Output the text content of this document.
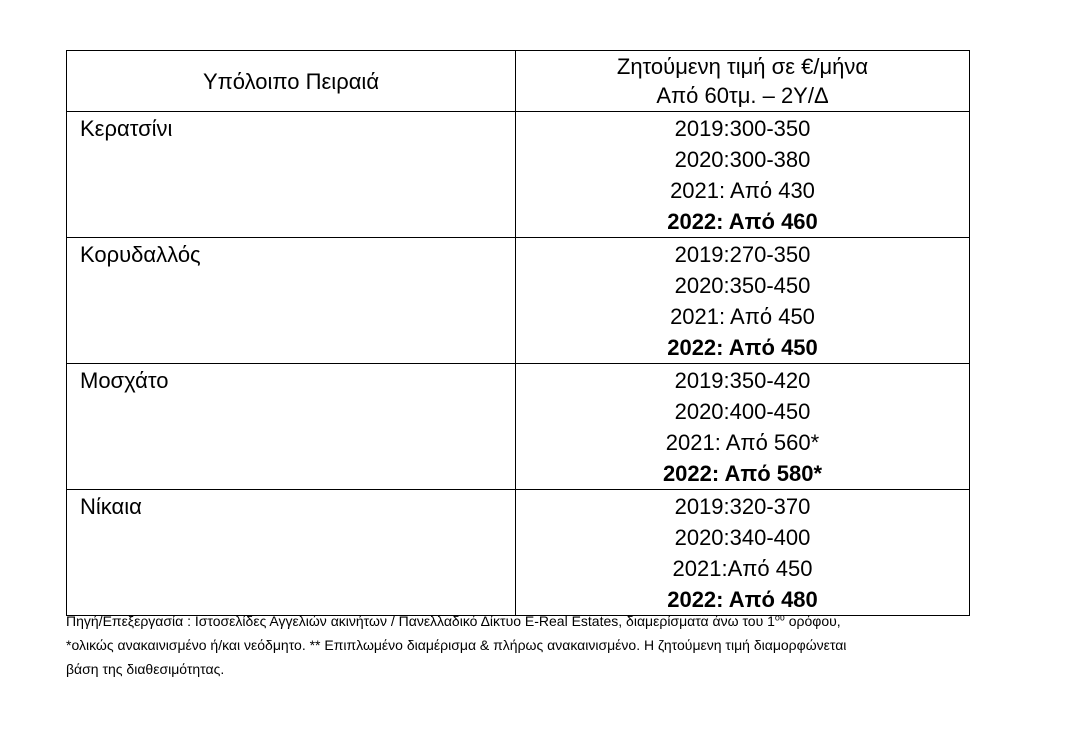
Υπόλοιπο Πειραιά	Ζητούμενη τιμή σε €/μήνα
Από 60τμ. – 2Υ/Δ

Κερατσίνι	2019:300-350
2020:300-380
2021: Από 430
2022: Από 460

Κορυδαλλός	2019:270-350
2020:350-450
2021: Από 450
2022: Από 450

Μοσχάτο	2019:350-420
2020:400-450
2021: Από 560*
2022: Από 580*

Νίκαια	2019:320-370
2020:340-400
2021:Από 450
2022: Από 480
Πηγή/Επεξεργασία : Ιστοσελίδες Αγγελιών ακινήτων / Πανελλαδικό Δίκτυο E-Real Estates, διαμερίσματα άνω του $1^{o\upsilon}$ ορόφου,
*ολικώς ανακαινισμένο ή/και νεόδμητο. ** Επιπλωμένο διαμέρισμα & πλήρως ανακαινισμένο. Η ζητούμενη τιμή διαμορφώνεται
βάση της διαθεσιμότητας.
